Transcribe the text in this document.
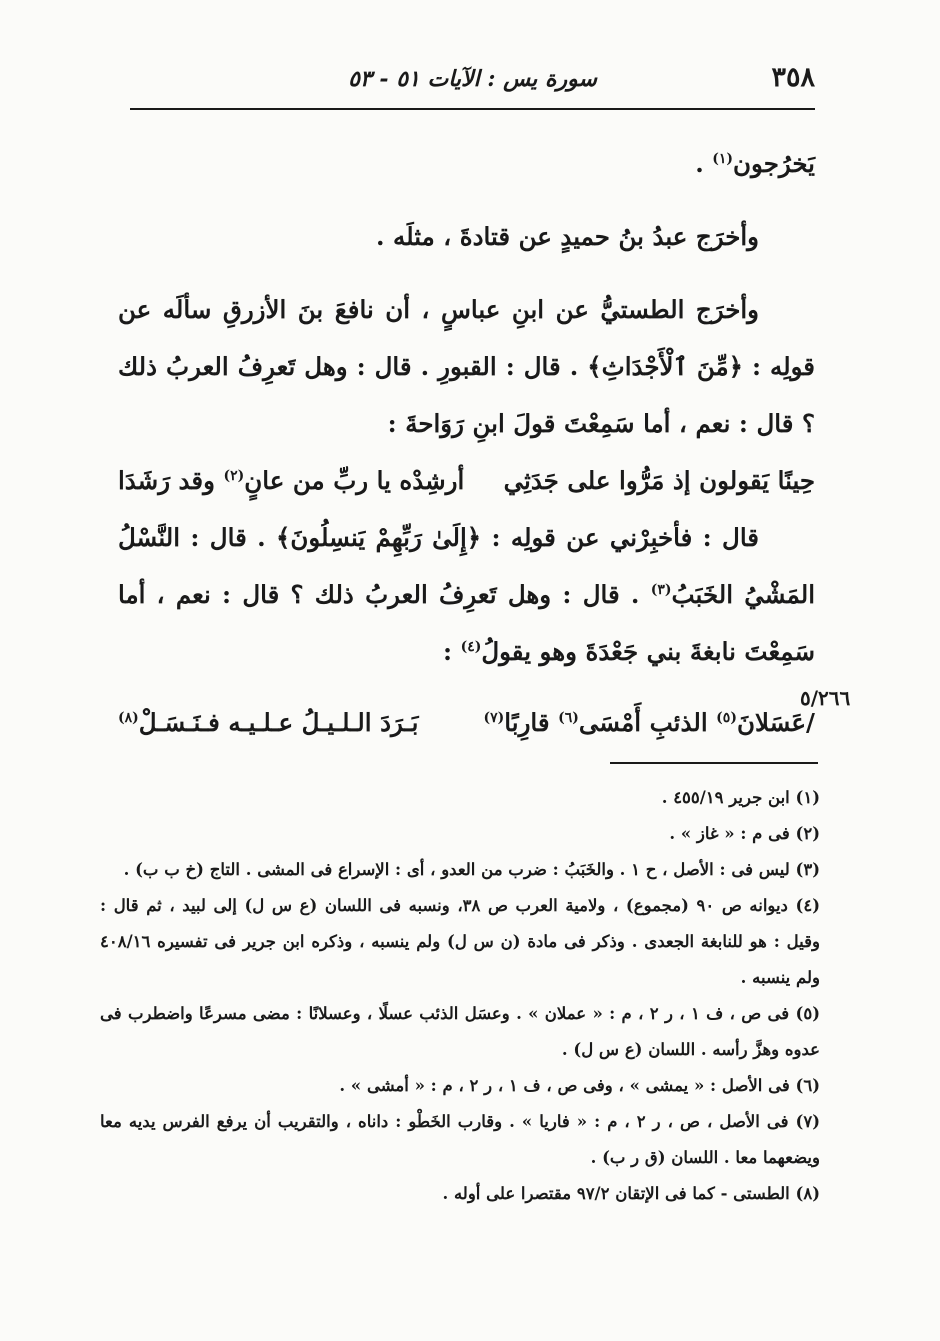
٣٥٨
سورة يس : الآيات ٥١ - ٥٣

يَخرُجون$^{(١)}$ .

وأخرَج عبدُ بنُ حميدٍ عن قتادةَ ، مثلَه .

وأخرَج الطستيُّ عن ابنِ عباسٍ ، أن نافعَ بنَ الأزرقِ سألَه عن قولِه : ﴿مِّنَ ٱلْأَجْدَاثِ﴾ . قال : القبورِ . قال : وهل تَعرِفُ العربُ ذلك ؟ قال : نعم ، أما سَمِعْتَ قولَ ابنِ رَوَاحةَ :

حِينًا يَقولون إذ مَرُّوا على جَدَثِي
أرشِدْه يا ربِّ من عانٍ$^{(٢)}$ وقد رَشَدَا

قال : فأخبِرْني عن قولِه : ﴿إِلَىٰ رَبِّهِمْ يَنسِلُونَ﴾ . قال : النَّسْلُ المَشْيُ الخَبَبُ$^{(٣)}$ . قال : وهل تَعرِفُ العربُ ذلك ؟ قال : نعم ، أما سَمِعْتَ نابغةَ بني جَعْدَةَ وهو يقولُ$^{(٤)}$ :

/عَسَلانَ$^{(٥)}$ الذئبِ أَمْسَى$^{(٦)}$ قارِبًا$^{(٧)}$
بَـرَدَ الـلـيـلُ عـلـيـه فـنَـسَـلْ$^{(٨)}$
٥/٢٦٦

(١) ابن جرير ٤٥٥/١٩ .

(٢) فى م : « غاز » .

(٣) ليس فى : الأصل ، ح ١ . والخَبَبُ : ضرب من العدو ، أى : الإسراع فى المشى . التاج (خ ب ب) .

(٤) ديوانه ص ٩٠ (مجموع) ، ولامية العرب ص ٣٨، ونسبه فى اللسان (ع س ل) إلى لبيد ، ثم قال : وقيل : هو للنابغة الجعدى . وذكر فى مادة (ن س ل) ولم ينسبه ، وذكره ابن جرير فى تفسيره ٤٠٨/١٦ ولم ينسبه .

(٥) فى ص ، ف ١ ، ر ٢ ، م : « عملان » . وعسَل الذئب عسلًا ، وعسلانًا : مضى مسرعًا واضطرب فى عدوه وهزَّ رأسه . اللسان (ع س ل) .

(٦) فى الأصل : « يمشى » ، وفى ص ، ف ١ ، ر ٢ ، م : « أمشى » .

(٧) فى الأصل ، ص ، ر ٢ ، م : « فاريا » . وقارب الخَطْو : داناه ، والتقريب أن يرفع الفرس يديه معا ويضعهما معا . اللسان (ق ر ب) .

(٨) الطستى - كما فى الإتقان ٩٧/٢ مقتصرا على أوله .
